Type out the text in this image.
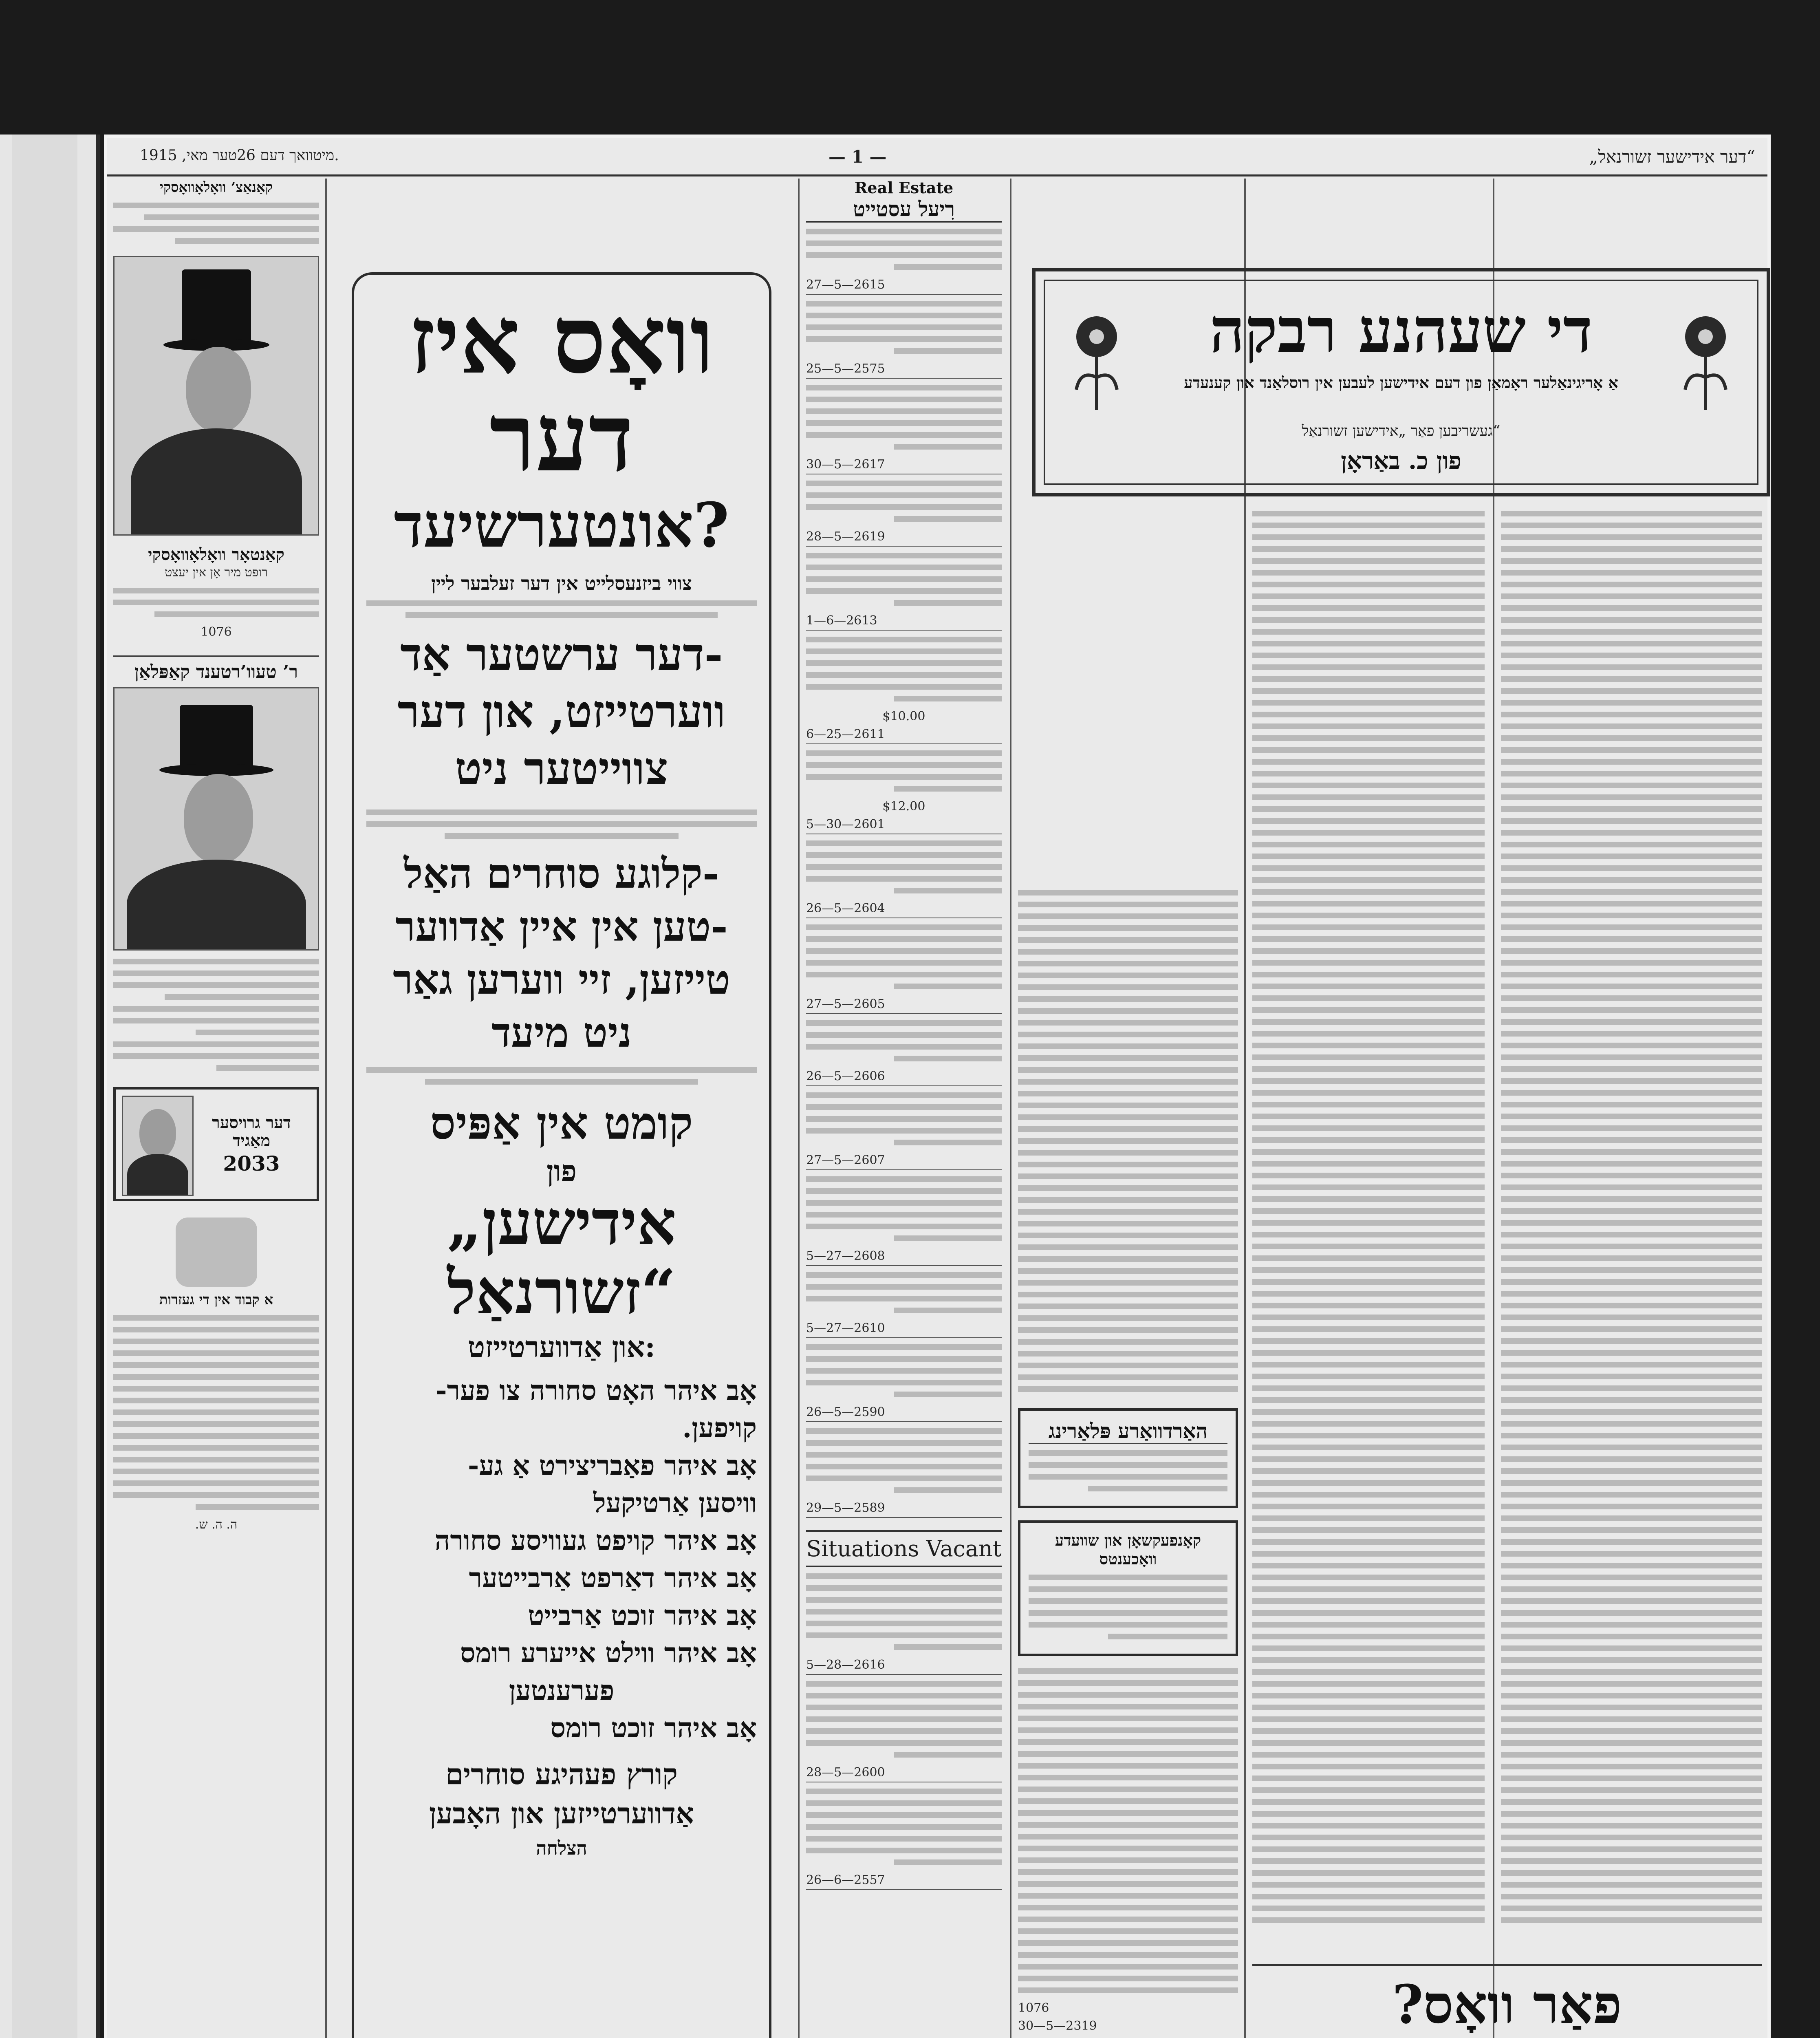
„דער אידישער זשורנאל“
— 1 —
מיטוואך דעם 26טער מאי, 1915.
קאַנאַצ’ וואָלאָוואָסקי
קאַנטאָר וואָלאָוואָסקי
רופּט מיר אָן אין יעצט
1076
ר’ טעוו’רטענד קאַפּלאַן
דער גרויסער מאַגיד
2033
א קבוד אין די געזרות
ה. ה. ש.
וואָס איז
דער
אונטערשיעד?
צווי ביזנעסלייט אין דער זעלבער ליין
דער ערשטער אַד-
ווערטייזט, און דער
צווייטער ניט
קלוגע סוחרים האַל-
טען אין איין אַדווער-
טייזען, זיי ווערען גאַר
ניט מיעד
קומט אין אַפּיס
פון
„אידישען
זשורנאַל“
און אַדווערטייזט:
אָב איהר האָט סחורה צו פער-
קויפען.
אָב איהר פאַבריצירט אַ גע-
וויסען אַרטיקעל
אָב איהר קויפט געוויסע סחורה
אָב איהר דאַרפט אַרבייטער
אָב איהר זוכט אַרבייט
אָב איהר ווילט אייערע רומס
פערענטען
אָב איהר זוכט רומס
קורץ פעהיגע סוחרים
אַדווערטייזען און האָבען
הצלחה
Real Estate
רִיעל עסטייט
2615—5—27
2575—5—25
2617—5—30
2619—5—28
2613—6—1
$10.00
2611—25—6
$12.00
2601—30—5
2604—5—26
2605—5—27
2606—5—26
2607—5—27
2608—27—5
2610—27—5
2590—5—26
2589—5—29
Situations Vacant
2616—28—5
2600—5—28
2557—6—26
האַרדוואַרע פּלאַרינג
קאָנפעקשאָן און שוועדע וואָכענטס
1076
2319—5—30
די שעהנע רבקה
אַ אָריגינאַלער ראָמאַן פון דעם אידישען לעבען אין רוסלאַנד און קענעדע
געשריבען פאַר „אידישען זשורנאַל“
פון כ. באַראָן
פאַר וואָס?
